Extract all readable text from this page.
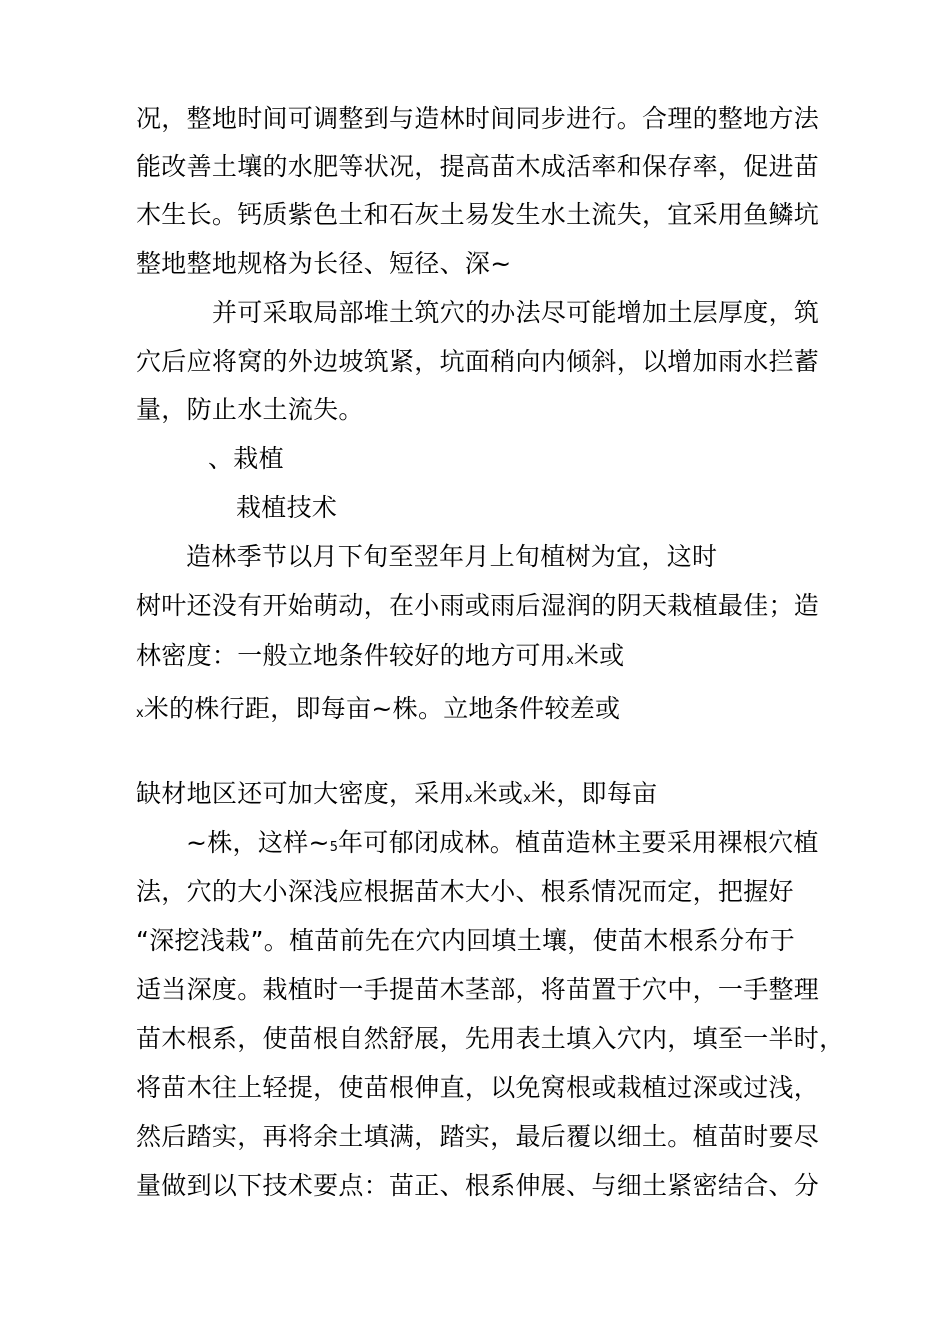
况，整地时间可调整到与造林时间同步进行。合理的整地方法
能改善土壤的水肥等状况，提高苗木成活率和保存率，促进苗
木生长。钙质紫色土和石灰土易发生水土流失，宜采用鱼鳞坑
整地整地规格为长径、短径、深~
并可采取局部堆土筑穴的办法尽可能增加土层厚度，筑
穴后应将窝的外边坡筑紧，坑面稍向内倾斜，以增加雨水拦蓄
量，防止水土流失。
、栽植
栽植技术
造林季节以月下旬至翌年月上旬植树为宜，这时
树叶还没有开始萌动，在小雨或雨后湿润的阴天栽植最佳；造
林密度：一般立地条件较好的地方可用x米或
x米的株行距，即每亩~株。立地条件较差或
缺材地区还可加大密度，采用x米或x米，即每亩
~株，这样~5年可郁闭成林。植苗造林主要采用裸根穴植
法，穴的大小深浅应根据苗木大小、根系情况而定，把握好
“深挖浅栽”。植苗前先在穴内回填土壤，使苗木根系分布于
适当深度。栽植时一手提苗木茎部，将苗置于穴中，一手整理
苗木根系，使苗根自然舒展，先用表土填入穴内，填至一半时，
将苗木往上轻提，使苗根伸直，以免窝根或栽植过深或过浅，
然后踏实，再将余土填满，踏实，最后覆以细土。植苗时要尽
量做到以下技术要点：苗正、根系伸展、与细土紧密结合、分
